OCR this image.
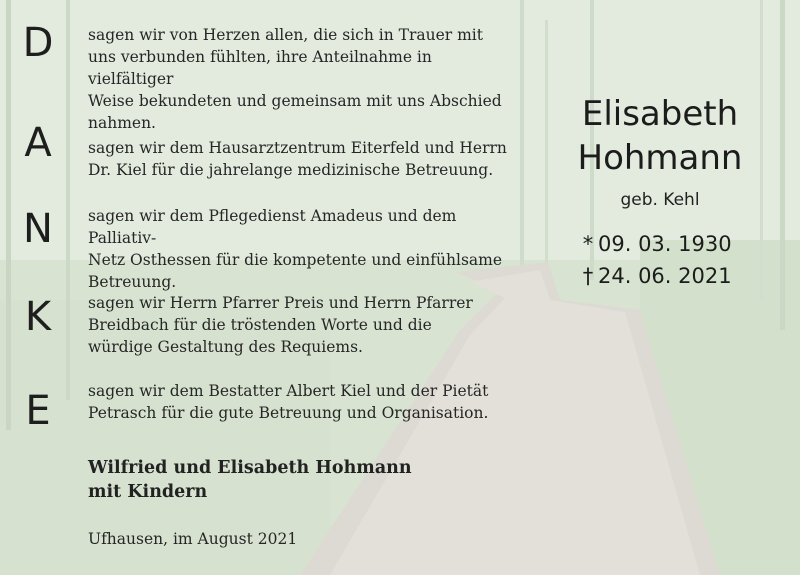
D
A
N
K
E
sagen wir von Herzen allen, die sich in Trauer mit
uns verbunden fühlten, ihre Anteilnahme in vielfältiger
Weise bekundeten und gemeinsam mit uns Abschied
nahmen.
sagen wir dem Hausarztzentrum Eiterfeld und Herrn
Dr. Kiel für die jahrelange medizinische Betreuung.
sagen wir dem Pflegedienst Amadeus und dem Palliativ-
Netz Osthessen für die kompetente und einfühlsame
Betreuung.
sagen wir Herrn Pfarrer Preis und Herrn Pfarrer
Breidbach für die tröstenden Worte und die
würdige Gestaltung des Requiems.
sagen wir dem Bestatter Albert Kiel und der Pietät
Petrasch für die gute Betreuung und Organisation.
Wilfried und Elisabeth Hohmann
mit Kindern
Ufhausen, im August 2021
Elisabeth
Hohmann
geb. Kehl
* 09. 03. 1930
† 24. 06. 2021
